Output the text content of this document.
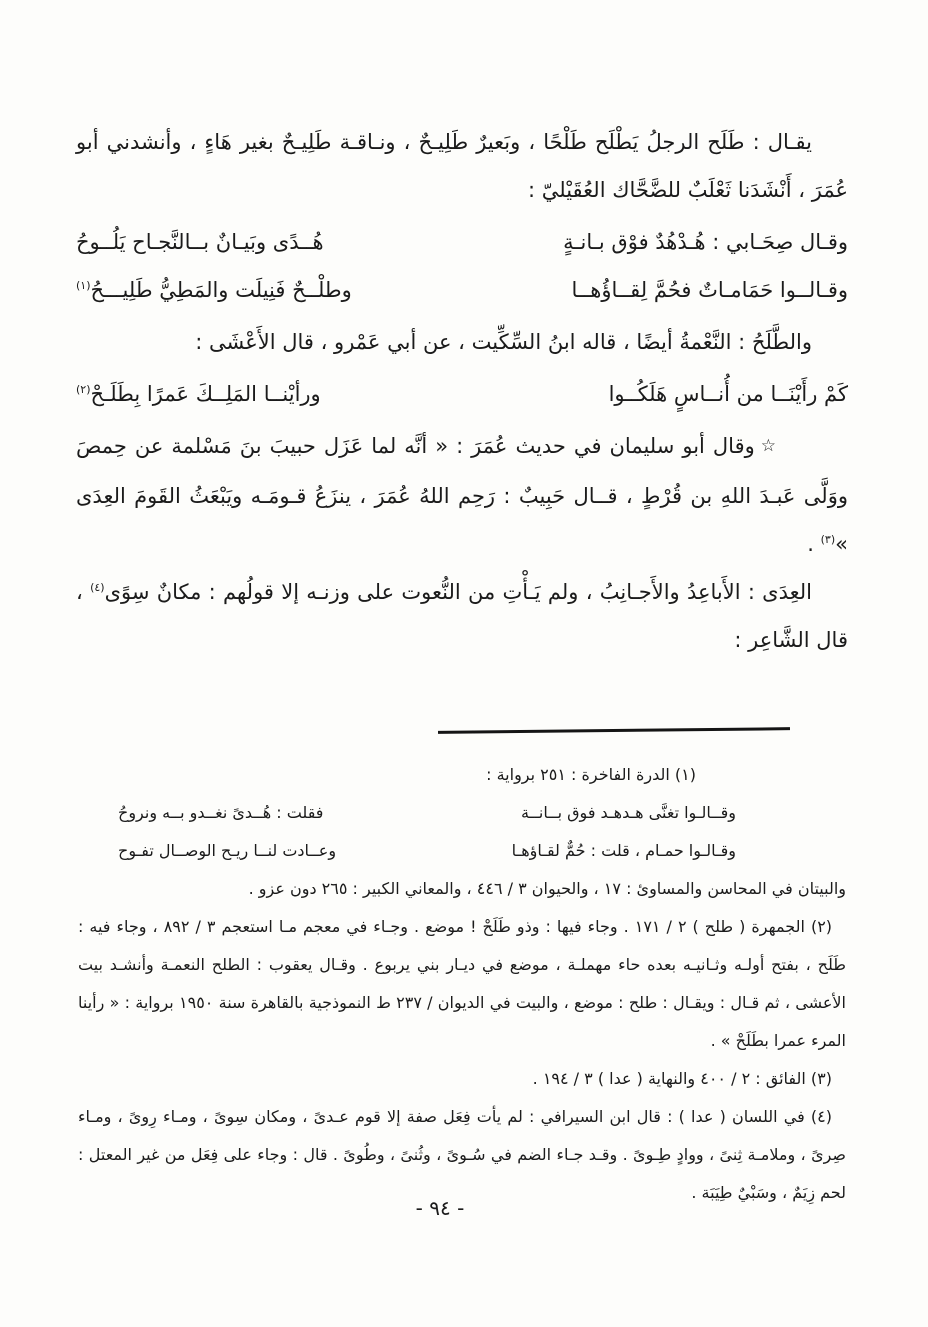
يقـال : طَلَح الرجلُ يَطْلَح طَلْحًا ، وبَعيرٌ طَلِيـحٌ ، ونـاقـة طَلِيـحٌ بغير هَاءٍ ، وأنشدني أبو عُمَرَ ، أَنْشَدَنا ثَعْلَبٌ للضَّحَّاك العُقَيْليّ :

وقـال صِحَـابي : هُـدْهُدٌ فوْق بـانـةٍ
هُــدًى وبَيـانٌ بــالنَّجـاح يَلُــوحُ
وقـالــوا حَمَامـاتٌ فحُمَّ لِقــاؤُهــا
وطلْــحٌ فَنِيلَت والمَطِيُّ طَلِيـــحُ$^{(١)}$

والطَّلَحُ : النَّعْمةُ أيضًا ، قاله ابنُ السِّكِّيت ، عن أبي عَمْرو ، قال الأَعْشَى :

كَمْ رأَيْنَــا من أُنــاسٍ هَلَكُــوا
ورأيْنــا المَلِــكَ عَمرًا بِطَلَـحْ$^{(٢)}$

☆وقال أبو سليمان في حديث عُمَرَ : « أنَّه لما عَزَل حبيبَ بنَ مَسْلمة عن حِمصَ ووَلَّى عَبـدَ اللهِ بن قُرْطٍ ، قــال حَبِيبٌ : رَحِم اللهُ عُمَرَ ، ينزَعُ قـومَـه ويَبْعَثُ القَومَ العِدَى »$^{(٣)}$ .

العِدَى : الأَباعِدُ والأَجـانِبُ ، ولم يَـأْتِ من النُّعوت على وزنـه إلا قولُهم : مكانٌ سِوًى$^{(٤)}$ ، قال الشَّاعِر :

(١) الدرة الفاخرة : ٢٥١ برواية :

وقــالـوا تغنَّى هـدهـد فوق بــانــة
فقلت : هُــدىً نغــدو بــه ونروحُ
وقـالـوا حمـام ، قلت : حُمٌّ لقـاؤهـا
وعــادت لنــا ريـح الوصــال تفـوح

والبيتان في المحاسن والمساوئ : ١٧ ، والحيوان ٣ / ٤٤٦ ، والمعاني الكبير : ٢٦٥ دون عزو .

(٢) الجمهرة ( طلح ) ٢ / ١٧١ . وجاء فيها : وذو طَلَحْ ! موضع . وجـاء في معجم مـا استعجم ٣ / ٨٩٢ ، وجاء فيه : طَلَح ، بفتح أولـه وثـانيـه بعده حاء مهملـة ، موضع في ديـار بني يربوع . وقـال يعقوب : الطلح النعمـة وأنشـد بيت الأعشى ، ثم قـال : ويقـال : طلح : موضع ، والبيت في الديوان / ٢٣٧ ط النموذجية بالقاهرة سنة ١٩٥٠ برواية : « رأينا المرء عمرا بطَلَحْ » .

(٣) الفائق : ٢ / ٤٠٠ والنهاية ( عدا ) ٣ / ١٩٤ .

(٤) في اللسان ( عدا ) : قال ابن السيرافي : لم يأت فِعَل صفة إلا قوم عـدىً ، ومكان سِوىً ، ومـاء رِوىً ، ومـاء صِرىً ، وملامـة ثِنىً ، ووادٍ طِـوىً . وقـد جـاء الضم في سُـوىً ، وثُنىً ، وطُوىً . قال : وجاء على فِعَل من غير المعتل : لحم زِيَمٌ ، وسَبْيٌ طِيَبَة .

- ٩٤ -
